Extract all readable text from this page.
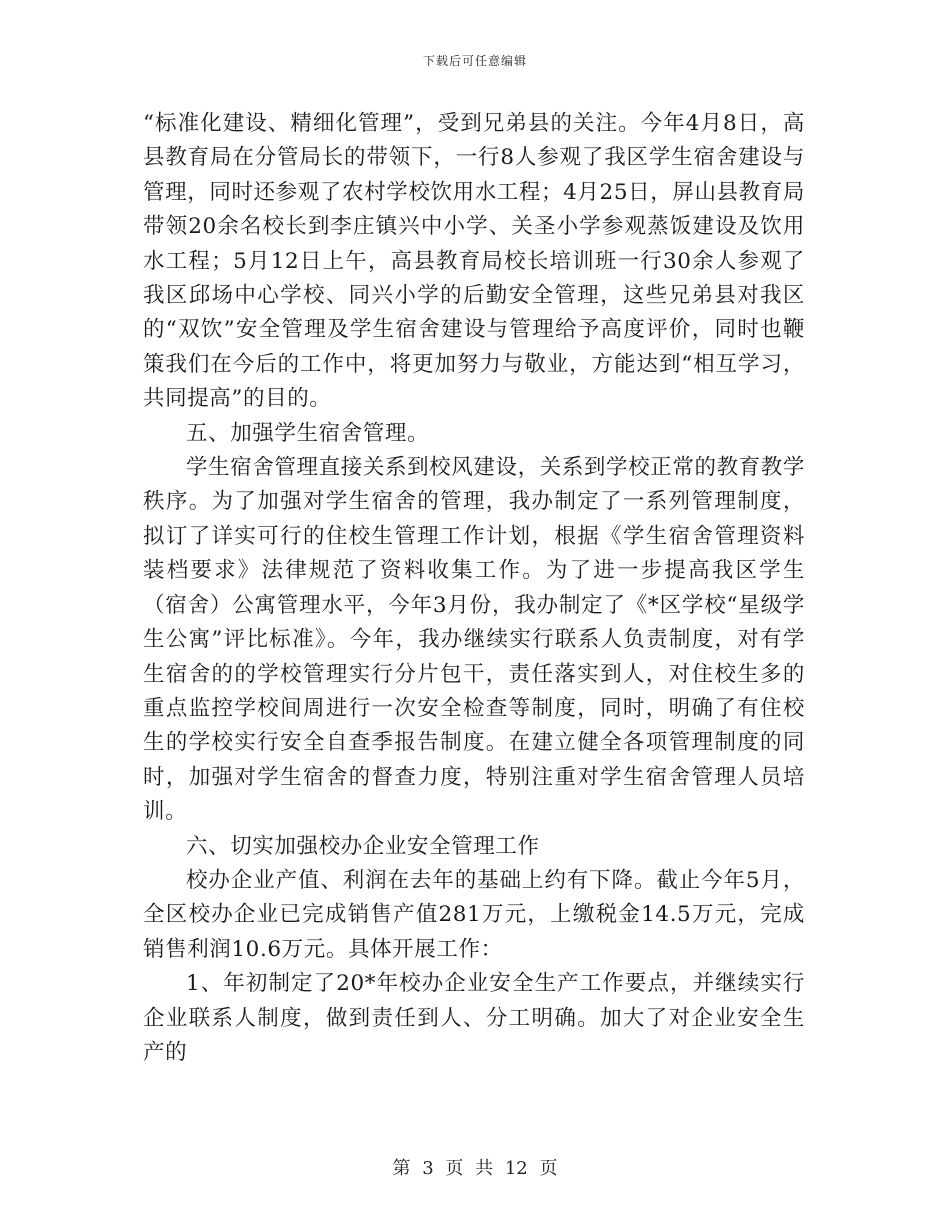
下载后可任意编辑

“标准化建设、精细化管理”，受到兄弟县的关注。今年4月8日，高县教育局在分管局长的带领下，一行8人参观了我区学生宿舍建设与管理，同时还参观了农村学校饮用水工程；4月25日，屏山县教育局带领20余名校长到李庄镇兴中小学、关圣小学参观蒸饭建设及饮用水工程；5月12日上午，高县教育局校长培训班一行30余人参观了我区邱场中心学校、同兴小学的后勤安全管理，这些兄弟县对我区的“双饮”安全管理及学生宿舍建设与管理给予高度评价，同时也鞭策我们在今后的工作中，将更加努力与敬业，方能达到“相互学习，共同提高”的目的。

五、加强学生宿舍管理。

学生宿舍管理直接关系到校风建设，关系到学校正常的教育教学秩序。为了加强对学生宿舍的管理，我办制定了一系列管理制度，拟订了详实可行的住校生管理工作计划，根据《学生宿舍管理资料装档要求》法律规范了资料收集工作。为了进一步提高我区学生（宿舍）公寓管理水平，今年3月份，我办制定了《*区学校“星级学生公寓”评比标准》。今年，我办继续实行联系人负责制度，对有学生宿舍的的学校管理实行分片包干，责任落实到人，对住校生多的重点监控学校间周进行一次安全检查等制度，同时，明确了有住校生的学校实行安全自查季报告制度。在建立健全各项管理制度的同时，加强对学生宿舍的督查力度，特别注重对学生宿舍管理人员培训。

六、切实加强校办企业安全管理工作

校办企业产值、利润在去年的基础上约有下降。截止今年5月，全区校办企业已完成销售产值281万元，上缴税金14.5万元，完成销售利润10.6万元。具体开展工作：

1、年初制定了20*年校办企业安全生产工作要点，并继续实行企业联系人制度，做到责任到人、分工明确。加大了对企业安全生产的

第 3 页 共 12 页
